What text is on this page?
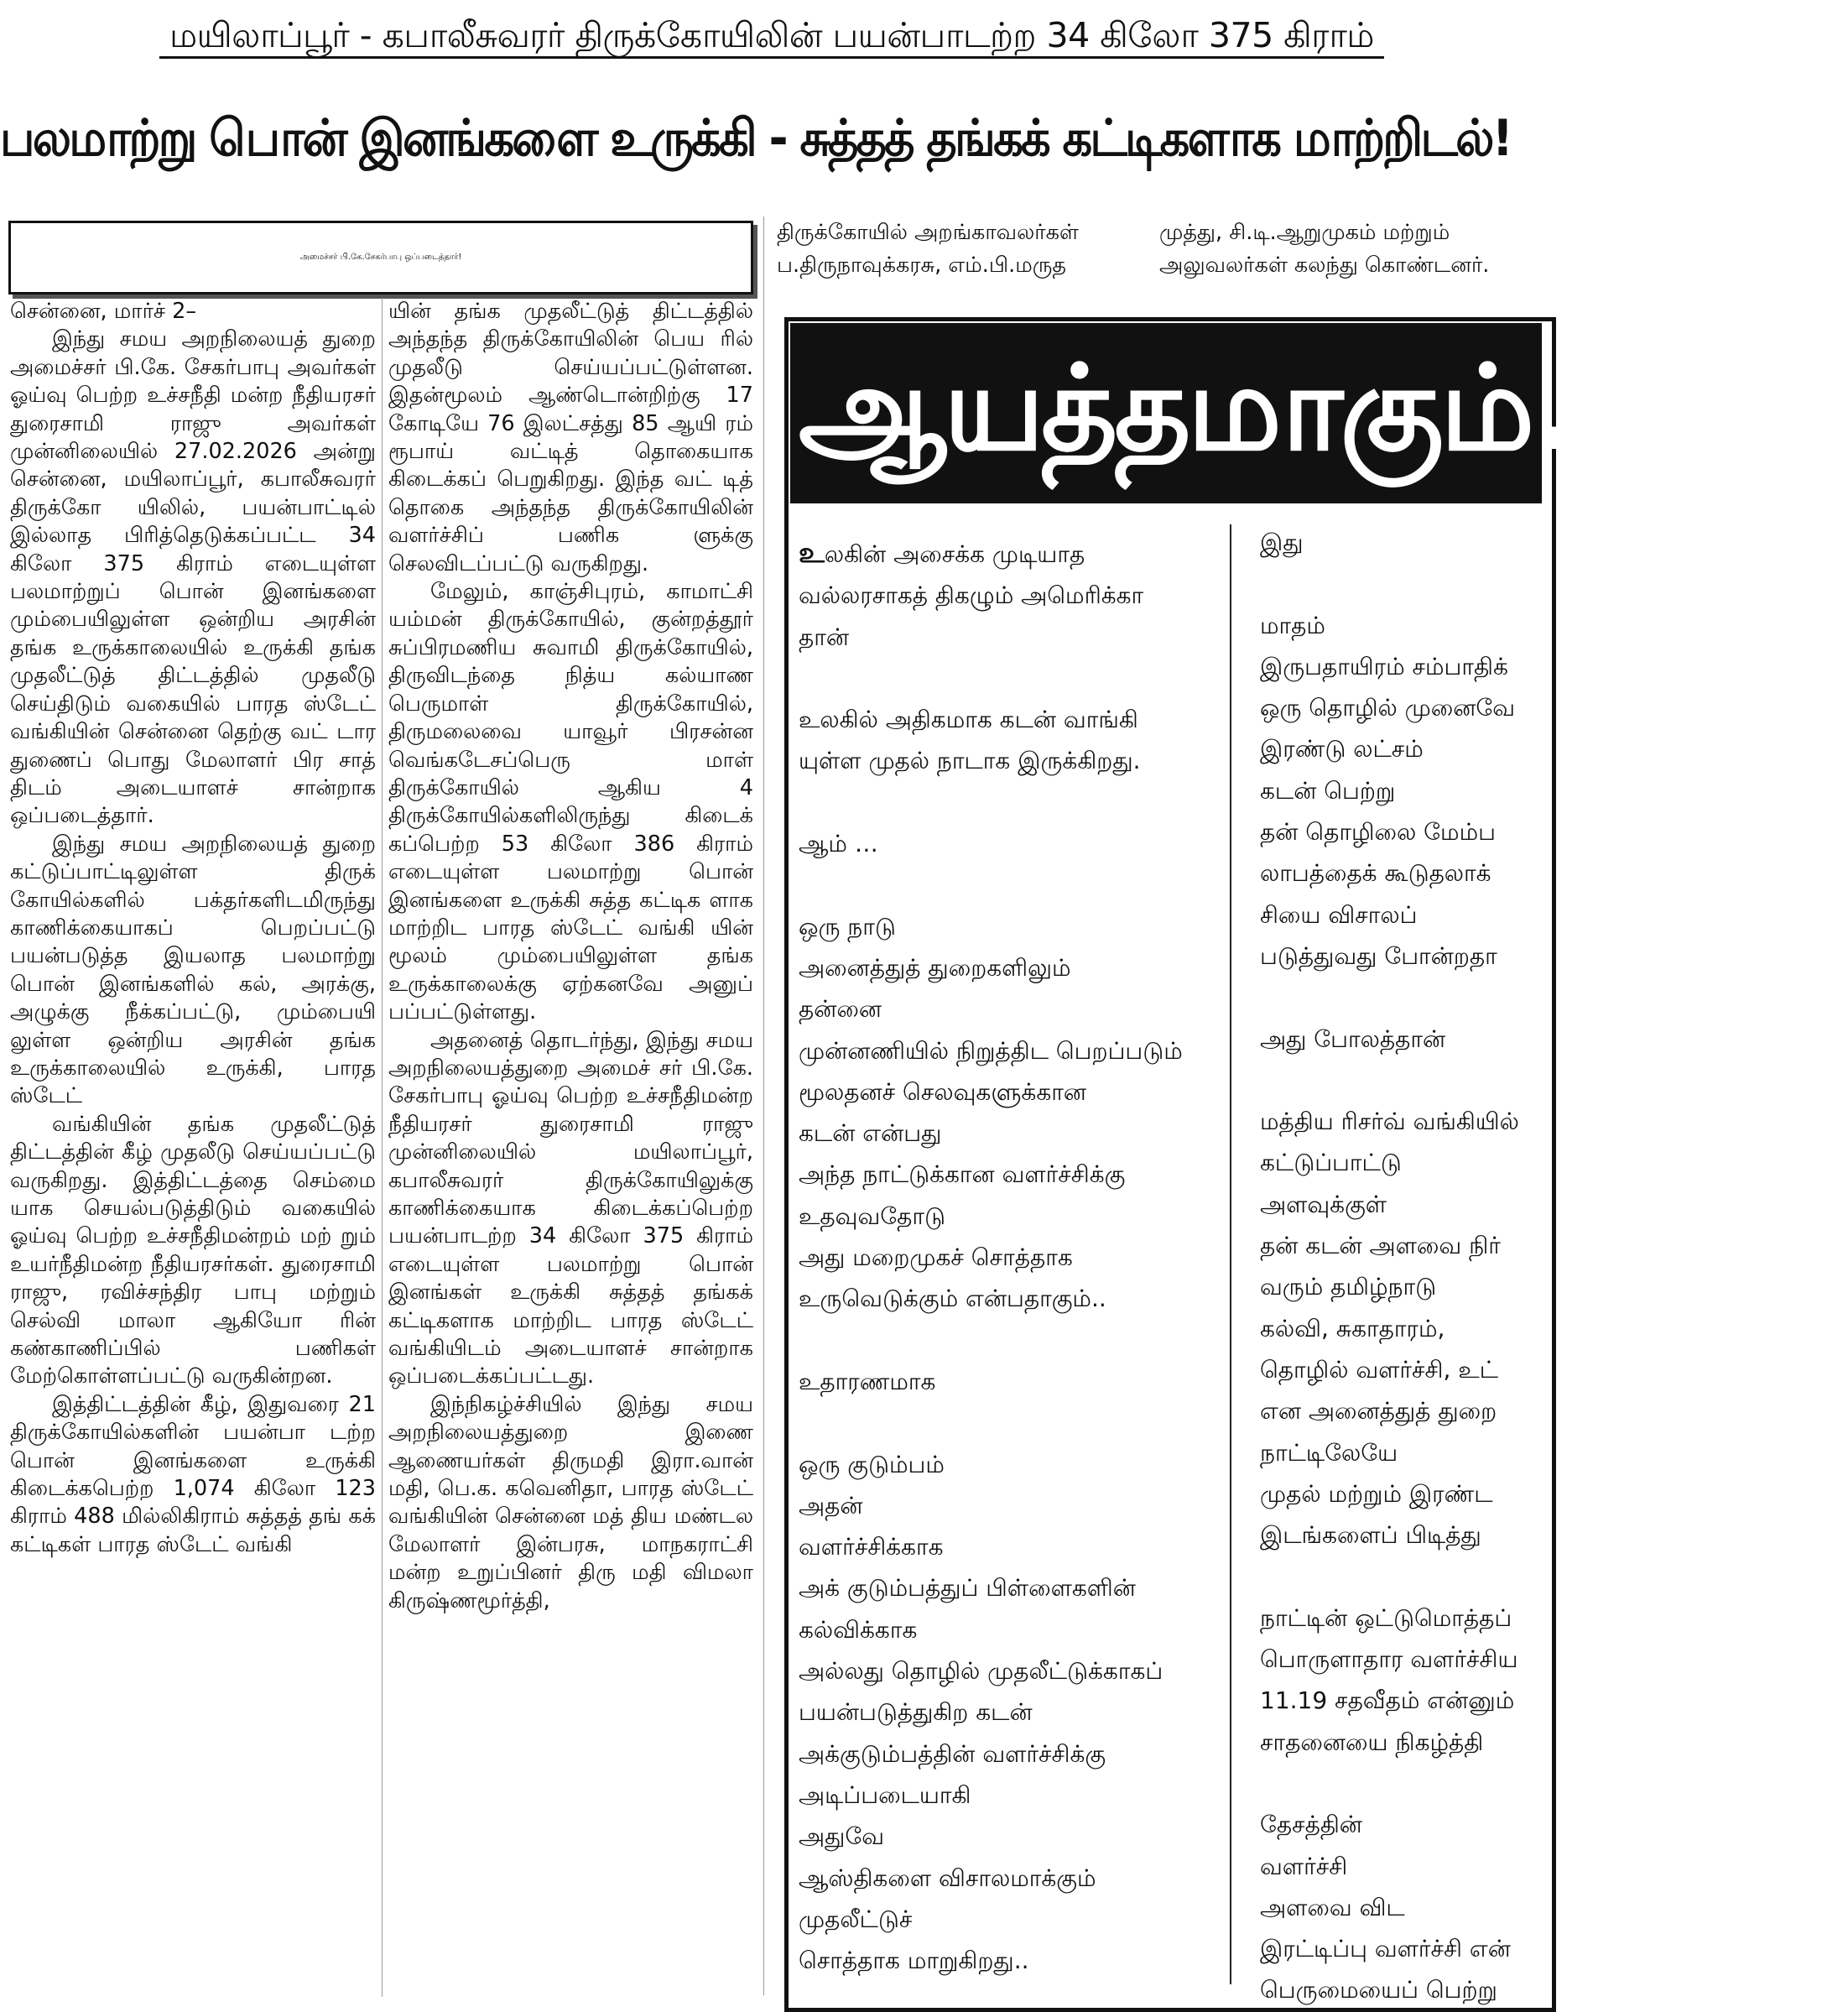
மயிலாப்பூர் - கபாலீசுவரர் திருக்கோயிலின் பயன்பாடற்ற 34 கிலோ 375 கிராம்
பலமாற்று பொன் இனங்களை உருக்கி - சுத்தத் தங்கக் கட்டிகளாக மாற்றிடல்!
அமைச்சர் பி.கே.சேகர்பாபு ஒப்படைத்தார்!

சென்னை, மார்ச் 2–

இந்து சமய அறநிலையத் துறை அமைச்சர் பி.கே. சேகர்பாபு அவர்கள் ஓய்வு பெற்ற உச்சநீதி மன்ற நீதியரசர் துரைசாமி ராஜு அவர்கள் முன்னிலையில் 27.02.2026 அன்று சென்னை, மயிலாப்பூர், கபாலீசுவரர் திருக்கோ யிலில், பயன்பாட்டில் இல்லாத பிரித்தெடுக்கப்பட்ட 34 கிலோ 375 கிராம் எடையுள்ள பலமாற்றுப் பொன் இனங்களை மும்பையிலுள்ள ஒன்றிய அரசின் தங்க உருக்காலையில் உருக்கி தங்க முதலீட்டுத் திட்டத்தில் முதலீடு செய்திடும் வகையில் பாரத ஸ்டேட் வங்கியின் சென்னை தெற்கு வட் டார துணைப் பொது மேலாளர் பிர சாத் திடம் அடையாளச் சான்றாக ஒப்படைத்தார்.

இந்து சமய அறநிலையத் துறை கட்டுப்பாட்டிலுள்ள திருக் கோயில்களில் பக்தர்களிடமிருந்து காணிக்கையாகப் பெறப்பட்டு பயன்படுத்த இயலாத பலமாற்று பொன் இனங்களில் கல், அரக்கு, அழுக்கு நீக்கப்பட்டு, மும்பையி லுள்ள ஒன்றிய அரசின் தங்க உருக்காலையில் உருக்கி, பாரத ஸ்டேட்

வங்கியின் தங்க முதலீட்டுத் திட்டத்தின் கீழ் முதலீடு செய்யப்பட்டு வருகிறது. இத்திட்டத்தை செம்மை யாக செயல்படுத்திடும் வகையில் ஓய்வு பெற்ற உச்சநீதிமன்றம் மற் றும் உயர்நீதிமன்ற நீதியரசர்கள். துரைசாமி ராஜு, ரவிச்சந்திர பாபு மற்றும் செல்வி மாலா ஆகியோ ரின் கண்காணிப்பில் பணிகள் மேற்கொள்ளப்பட்டு வருகின்றன.

இத்திட்டத்தின் கீழ், இதுவரை 21 திருக்கோயில்களின் பயன்பா டற்ற பொன் இனங்களை உருக்கி கிடைக்கபெற்ற 1,074 கிலோ 123 கிராம் 488 மில்லிகிராம் சுத்தத் தங் கக் கட்டிகள் பாரத ஸ்டேட் வங்கி

யின் தங்க முதலீட்டுத் திட்டத்தில் அந்தந்த திருக்கோயிலின் பெய ரில் முதலீடு செய்யப்பட்டுள்ளன. இதன்மூலம் ஆண்டொன்றிற்கு 17 கோடியே 76 இலட்சத்து 85 ஆயி ரம் ரூபாய் வட்டித் தொகையாக கிடைக்கப் பெறுகிறது. இந்த வட் டித் தொகை அந்தந்த திருக்கோயிலின் வளர்ச்சிப் பணிக ளுக்கு செலவிடப்பட்டு வருகிறது.

மேலும், காஞ்சிபுரம், காமாட்சி யம்மன் திருக்கோயில், குன்றத்தூர் சுப்பிரமணிய சுவாமி திருக்கோயில், திருவிடந்தை நித்ய கல்யாண பெருமாள் திருக்கோயில், திருமலைவை யாவூர் பிரசன்ன வெங்கடேசப்பெரு மாள் திருக்கோயில் ஆகிய 4 திருக்கோயில்களிலிருந்து கிடைக் கப்பெற்ற 53 கிலோ 386 கிராம் எடையுள்ள பலமாற்று பொன் இனங்களை உருக்கி சுத்த கட்டிக ளாக மாற்றிட பாரத ஸ்டேட் வங்கி யின் மூலம் மும்பையிலுள்ள தங்க உருக்காலைக்கு ஏற்கனவே அனுப் பப்பட்டுள்ளது.

அதனைத் தொடர்ந்து, இந்து சமய அறநிலையத்துறை அமைச் சர் பி.கே. சேகர்பாபு ஓய்வு பெற்ற உச்சநீதிமன்ற நீதியரசர் துரைசாமி ராஜு முன்னிலையில் மயிலாப்பூர், கபாலீசுவரர் திருக்கோயிலுக்கு காணிக்கையாக கிடைக்கப்பெற்ற பயன்பாடற்ற 34 கிலோ 375 கிராம் எடையுள்ள பலமாற்று பொன் இனங்கள் உருக்கி சுத்தத் தங்கக் கட்டிகளாக மாற்றிட பாரத ஸ்டேட் வங்கியிடம் அடையாளச் சான்றாக ஒப்படைக்கப்பட்டது.

இந்நிகழ்ச்சியில் இந்து சமய அறநிலையத்துறை இணை ஆணையர்கள் திருமதி இரா.வான் மதி, பெ.க. கவெனிதா, பாரத ஸ்டேட் வங்கியின் சென்னை மத் திய மண்டல மேலாளர் இன்பரசு, மாநகராட்சி மன்ற உறுப்பினர் திரு மதி விமலா கிருஷ்ணமூர்த்தி,

திருக்கோயில் அறங்காவலர்கள்
ப.திருநாவுக்கரசு, எம்.பி.மருத
முத்து, சி.டி.ஆறுமுகம் மற்றும்
அலுவலர்கள் கலந்து கொண்டனர்.
ஆயத்தமாகும். அன்
உலகின் அசைக்க முடியாத
வல்லரசாகத் திகழும் அமெரிக்கா
தான்
உலகில் அதிகமாக கடன் வாங்கி
யுள்ள முதல் நாடாக இருக்கிறது.
ஆம் …
ஒரு நாடு
அனைத்துத் துறைகளிலும்
தன்னை
முன்னணியில் நிறுத்திட பெறப்படும்
மூலதனச் செலவுகளுக்கான
கடன் என்பது
அந்த நாட்டுக்கான வளர்ச்சிக்கு
உதவுவதோடு
அது மறைமுகச் சொத்தாக
உருவெடுக்கும் என்பதாகும்..
உதாரணமாக
ஒரு குடும்பம்
அதன்
வளர்ச்சிக்காக
அக் குடும்பத்துப் பிள்ளைகளின்
கல்விக்காக
அல்லது தொழில் முதலீட்டுக்காகப்
பயன்படுத்துகிற கடன்
அக்குடும்பத்தின் வளர்ச்சிக்கு
அடிப்படையாகி
அதுவே
ஆஸ்திகளை விசாலமாக்கும்
முதலீட்டுச்
சொத்தாக மாறுகிறது..
இது
மாதம்
இருபதாயிரம் சம்பாதிக்
ஒரு தொழில் முனைவே
இரண்டு லட்சம்
கடன் பெற்று
தன் தொழிலை மேம்ப
லாபத்தைக் கூடுதலாக்
சியை விசாலப்
படுத்துவது போன்றதா
அது போலத்தான்
மத்திய ரிசர்வ் வங்கியில்
கட்டுப்பாட்டு
அளவுக்குள்
தன் கடன் அளவை நிர்
வரும் தமிழ்நாடு
கல்வி, சுகாதாரம்,
தொழில் வளர்ச்சி, உட்
என அனைத்துத் துறை
நாட்டிலேயே
முதல் மற்றும் இரண்ட
இடங்களைப் பிடித்து
நாட்டின் ஒட்டுமொத்தப்
பொருளாதார வளர்ச்சிய
11.19 சதவீதம் என்னும்
சாதனையை நிகழ்த்தி
தேசத்தின்
வளர்ச்சி
அளவை விட
இரட்டிப்பு வளர்ச்சி என்
பெருமையைப் பெற்று
